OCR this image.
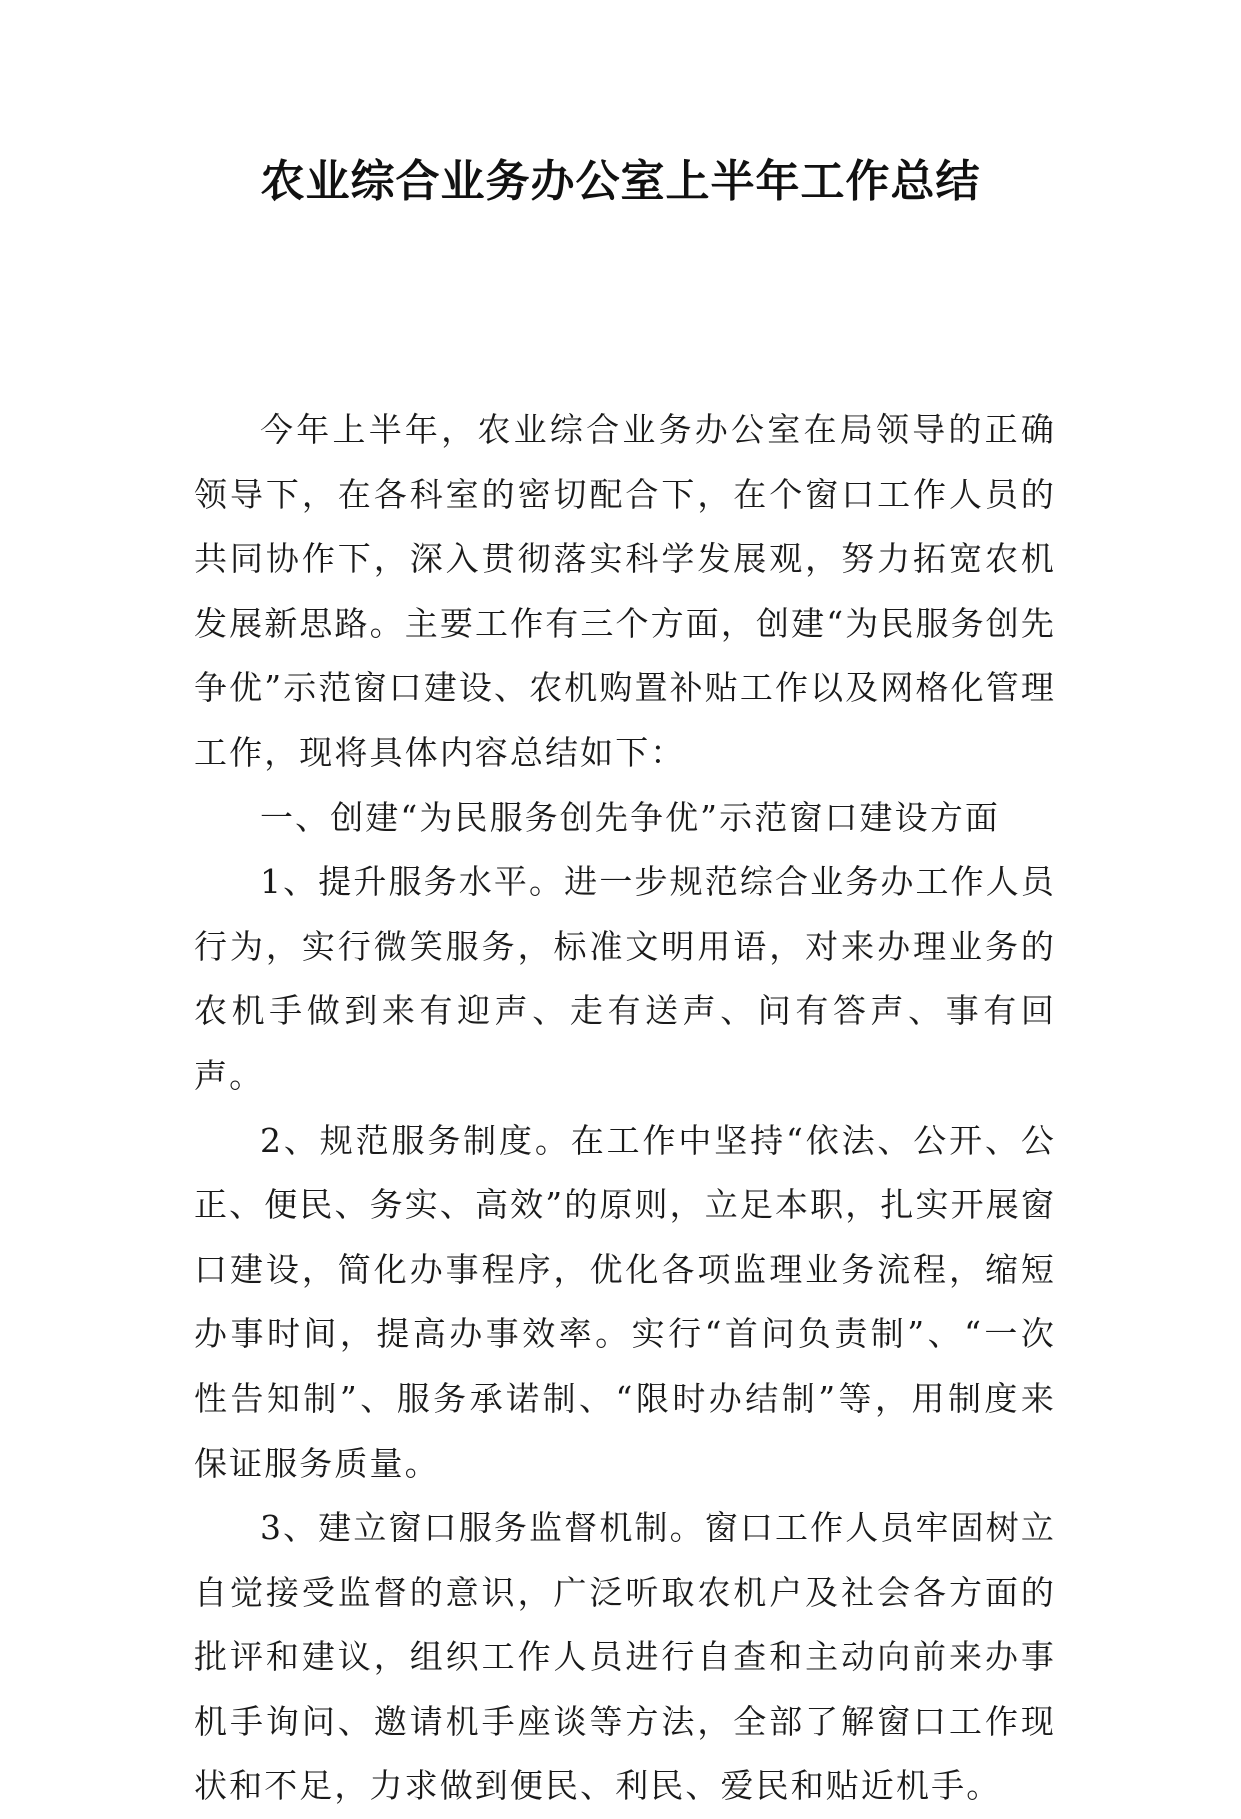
农业综合业务办公室上半年工作总结

今年上半年，农业综合业务办公室在局领导的正确领导下，在各科室的密切配合下，在个窗口工作人员的共同协作下，深入贯彻落实科学发展观，努力拓宽农机发展新思路。主要工作有三个方面，创建“为民服务创先争优”示范窗口建设、农机购置补贴工作以及网格化管理工作，现将具体内容总结如下：

一、创建“为民服务创先争优”示范窗口建设方面

1、提升服务水平。进一步规范综合业务办工作人员行为，实行微笑服务，标准文明用语，对来办理业务的农机手做到来有迎声、走有送声、问有答声、事有回声。

2、规范服务制度。在工作中坚持“依法、公开、公正、便民、务实、高效”的原则，立足本职，扎实开展窗口建设，简化办事程序，优化各项监理业务流程，缩短办事时间，提高办事效率。实行“首问负责制”、“一次性告知制”、服务承诺制、“限时办结制”等，用制度来保证服务质量。

3、建立窗口服务监督机制。窗口工作人员牢固树立自觉接受监督的意识，广泛听取农机户及社会各方面的批评和建议，组织工作人员进行自查和主动向前来办事机手询问、邀请机手座谈等方法，全部了解窗口工作现状和不足，力求做到便民、利民、爱民和贴近机手。
